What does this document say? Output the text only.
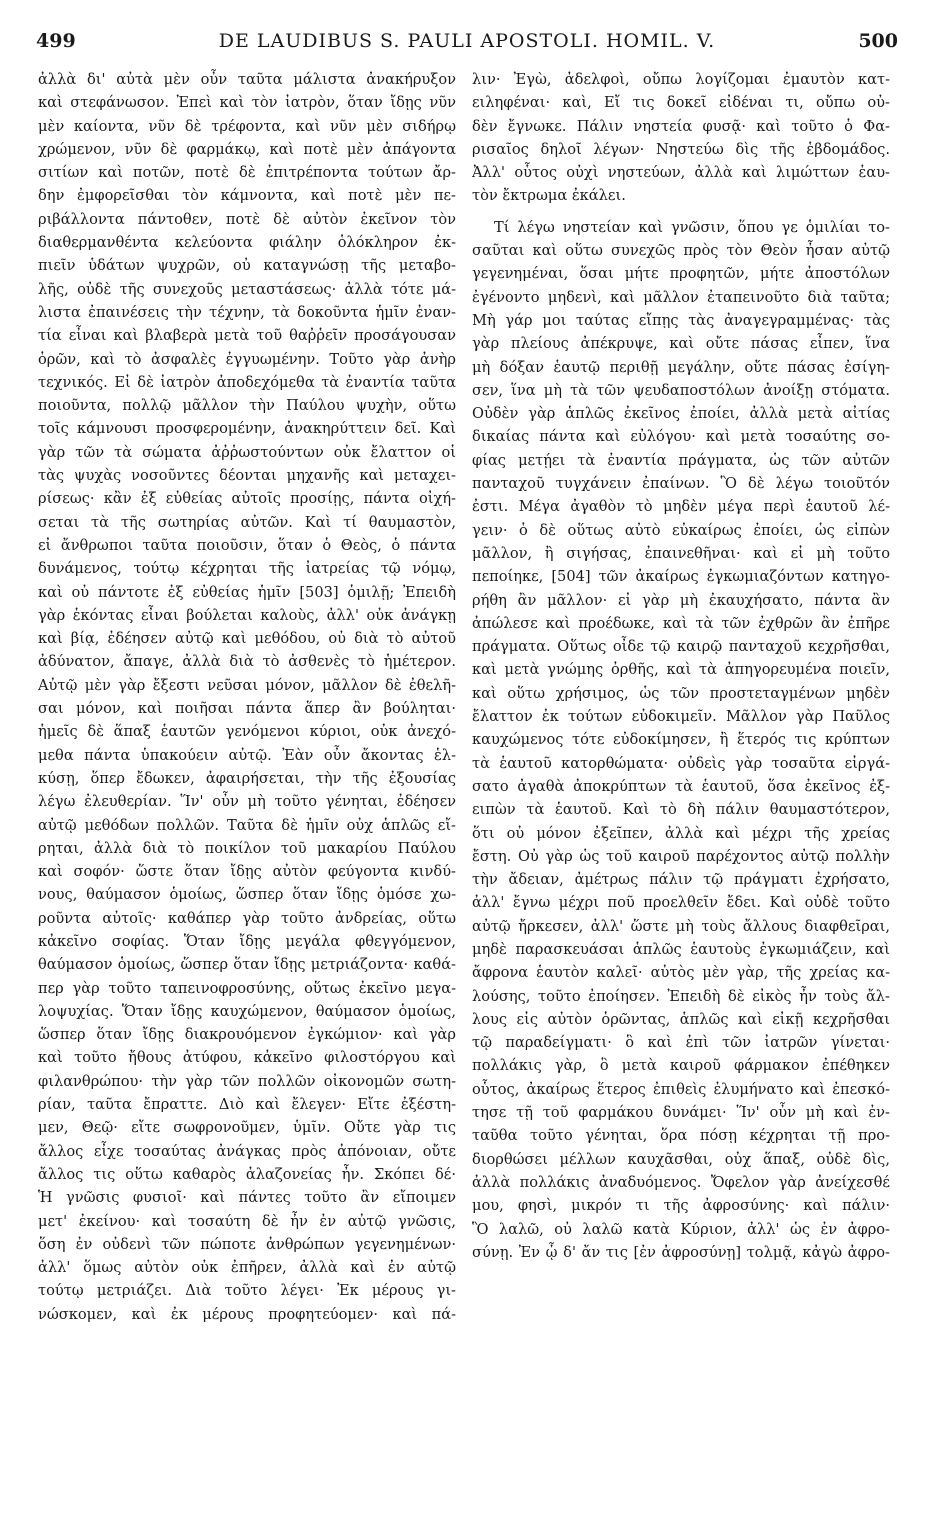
499	DE LAUDIBUS S. PAULI APOSTOLI. HOMIL. V.	500
ἀλλὰ δι' αὐτὰ μὲν οὖν ταῦτα μάλιστα ἀνακήρυξον
καὶ στεφάνωσον. Ἐπεὶ καὶ τὸν ἰατρὸν, ὅταν ἴδῃς νῦν
μὲν καίοντα, νῦν δὲ τρέφοντα, καὶ νῦν μὲν σιδήρῳ
χρώμενον, νῦν δὲ φαρμάκῳ, καὶ ποτὲ μὲν ἀπάγοντα
σιτίων καὶ ποτῶν, ποτὲ δὲ ἐπιτρέποντα τούτων ἄρ-
δην ἐμφορεῖσθαι τὸν κάμνοντα, καὶ ποτὲ μὲν πε-
ριβάλλοντα πάντοθεν, ποτὲ δὲ αὐτὸν ἐκεῖνον τὸν
διαθερμανθέντα κελεύοντα φιάλην ὁλόκληρον ἐκ-
πιεῖν ὑδάτων ψυχρῶν, οὐ καταγνώσῃ τῆς μεταβο-
λῆς, οὐδὲ τῆς συνεχοῦς μεταστάσεως· ἀλλὰ τότε μά-
λιστα ἐπαινέσεις τὴν τέχνην, τὰ δοκοῦντα ἡμῖν ἐναν-
τία εἶναι καὶ βλαβερὰ μετὰ τοῦ θαῤῥεῖν προσάγουσαν
ὁρῶν, καὶ τὸ ἀσφαλὲς ἐγγυωμένην. Τοῦτο γὰρ ἀνὴρ
τεχνικός. Εἰ δὲ ἰατρὸν ἀποδεχόμεθα τὰ ἐναντία ταῦτα
ποιοῦντα, πολλῷ μᾶλλον τὴν Παύλου ψυχὴν, οὕτω
τοῖς κάμνουσι προσφερομένην, ἀνακηρύττειν δεῖ. Καὶ
γὰρ τῶν τὰ σώματα ἀῤῥωστούντων οὐκ ἔλαττον οἱ
τὰς ψυχὰς νοσοῦντες δέονται μηχανῆς καὶ μεταχει-
ρίσεως· κἂν ἐξ εὐθείας αὐτοῖς προσίῃς, πάντα οἰχή-
σεται τὰ τῆς σωτηρίας αὐτῶν. Καὶ τί θαυμαστὸν,
εἰ ἄνθρωποι ταῦτα ποιοῦσιν, ὅταν ὁ Θεὸς, ὁ πάντα
δυνάμενος, τούτῳ κέχρηται τῆς ἰατρείας τῷ νόμῳ,
καὶ οὐ πάντοτε ἐξ εὐθείας ἡμῖν [503] ὁμιλῇ; Ἐπειδὴ
γὰρ ἑκόντας εἶναι βούλεται καλοὺς, ἀλλ' οὐκ ἀνάγκῃ
καὶ βίᾳ, ἐδέησεν αὐτῷ καὶ μεθόδου, οὐ διὰ τὸ αὐτοῦ
ἀδύνατον, ἄπαγε, ἀλλὰ διὰ τὸ ἀσθενὲς τὸ ἡμέτερον.
Αὐτῷ μὲν γὰρ ἔξεστι νεῦσαι μόνον, μᾶλλον δὲ ἐθελῆ-
σαι μόνον, καὶ ποιῆσαι πάντα ἅπερ ἂν βούληται·
ἡμεῖς δὲ ἅπαξ ἑαυτῶν γενόμενοι κύριοι, οὐκ ἀνεχό-
μεθα πάντα ὑπακούειν αὐτῷ. Ἐὰν οὖν ἄκοντας ἑλ-
κύσῃ, ὅπερ ἔδωκεν, ἀφαιρήσεται, τὴν τῆς ἐξουσίας
λέγω ἐλευθερίαν. Ἵν' οὖν μὴ τοῦτο γένηται, ἐδέησεν
αὐτῷ μεθόδων πολλῶν. Ταῦτα δὲ ἡμῖν οὐχ ἁπλῶς εἴ-
ρηται, ἀλλὰ διὰ τὸ ποικίλον τοῦ μακαρίου Παύλου
καὶ σοφόν· ὥστε ὅταν ἴδῃς αὐτὸν φεύγοντα κινδύ-
νους, θαύμασον ὁμοίως, ὥσπερ ὅταν ἴδῃς ὁμόσε χω-
ροῦντα αὐτοῖς· καθάπερ γὰρ τοῦτο ἀνδρείας, οὕτω
κἀκεῖνο σοφίας. Ὅταν ἴδῃς μεγάλα φθεγγόμενον,
θαύμασον ὁμοίως, ὥσπερ ὅταν ἴδῃς μετριάζοντα· καθά-
περ γὰρ τοῦτο ταπεινοφροσύνης, οὕτως ἐκεῖνο μεγα-
λοψυχίας. Ὅταν ἴδῃς καυχώμενον, θαύμασον ὁμοίως,
ὥσπερ ὅταν ἴδῃς διακρουόμενον ἐγκώμιον· καὶ γὰρ
καὶ τοῦτο ἤθους ἀτύφου, κἀκεῖνο φιλοστόργου καὶ
φιλανθρώπου· τὴν γὰρ τῶν πολλῶν οἰκονομῶν σωτη-
ρίαν, ταῦτα ἔπραττε. Διὸ καὶ ἔλεγεν· Εἴτε ἐξέστη-
μεν, Θεῷ· εἴτε σωφρονοῦμεν, ὑμῖν. Οὔτε γὰρ τις
ἄλλος εἶχε τοσαύτας ἀνάγκας πρὸς ἀπόνοιαν, οὔτε
ἄλλος τις οὕτω καθαρὸς ἀλαζονείας ἦν. Σκόπει δέ·
Ἡ γνῶσις φυσιοῖ· καὶ πάντες τοῦτο ἂν εἴποιμεν
μετ' ἐκείνου· καὶ τοσαύτη δὲ ἦν ἐν αὐτῷ γνῶσις,
ὅση ἐν οὐδενὶ τῶν πώποτε ἀνθρώπων γεγενημένων·
ἀλλ' ὅμως αὐτὸν οὐκ ἐπῆρεν, ἀλλὰ καὶ ἐν αὐτῷ
τούτῳ μετριάζει. Διὰ τοῦτο λέγει· Ἐκ μέρους γι-
νώσκομεν, καὶ ἐκ μέρους προφητεύομεν· καὶ πά-
λιν· Ἐγὼ, ἀδελφοὶ, οὔπω λογίζομαι ἐμαυτὸν κατ-
ειληφέναι· καὶ, Εἴ τις δοκεῖ εἰδέναι τι, οὔπω οὐ-
δὲν ἔγνωκε. Πάλιν νηστεία φυσᾷ· καὶ τοῦτο ὁ Φα-
ρισαῖος δηλοῖ λέγων· Νηστεύω δὶς τῆς ἑβδομάδος.
Ἀλλ' οὗτος οὐχὶ νηστεύων, ἀλλὰ καὶ λιμώττων ἑαυ-
τὸν ἔκτρωμα ἐκάλει.
Τί λέγω νηστείαν καὶ γνῶσιν, ὅπου γε ὁμιλίαι το-
σαῦται καὶ οὕτω συνεχῶς πρὸς τὸν Θεὸν ἦσαν αὐτῷ
γεγενημέναι, ὅσαι μήτε προφητῶν, μήτε ἀποστόλων
ἐγένοντο μηδενὶ, καὶ μᾶλλον ἐταπεινοῦτο διὰ ταῦτα;
Μὴ γάρ μοι ταύτας εἴπῃς τὰς ἀναγεγραμμένας· τὰς
γὰρ πλείους ἀπέκρυψε, καὶ οὔτε πάσας εἶπεν, ἵνα
μὴ δόξαν ἑαυτῷ περιθῇ μεγάλην, οὔτε πάσας ἐσίγη-
σεν, ἵνα μὴ τὰ τῶν ψευδαποστόλων ἀνοίξῃ στόματα.
Οὐδὲν γὰρ ἁπλῶς ἐκεῖνος ἐποίει, ἀλλὰ μετὰ αἰτίας
δικαίας πάντα καὶ εὐλόγου· καὶ μετὰ τοσαύτης σο-
φίας μετῄει τὰ ἐναντία πράγματα, ὡς τῶν αὐτῶν
πανταχοῦ τυγχάνειν ἐπαίνων. Ὃ δὲ λέγω τοιοῦτόν
ἐστι. Μέγα ἀγαθὸν τὸ μηδὲν μέγα περὶ ἑαυτοῦ λέ-
γειν· ὁ δὲ οὕτως αὐτὸ εὐκαίρως ἐποίει, ὡς εἰπὼν
μᾶλλον, ἢ σιγήσας, ἐπαινεθῆναι· καὶ εἰ μὴ τοῦτο
πεποίηκε, [504] τῶν ἀκαίρως ἐγκωμιαζόντων κατηγο-
ρήθη ἂν μᾶλλον· εἰ γὰρ μὴ ἐκαυχήσατο, πάντα ἂν
ἀπώλεσε καὶ προέδωκε, καὶ τὰ τῶν ἐχθρῶν ἂν ἐπῆρε
πράγματα. Οὕτως οἶδε τῷ καιρῷ πανταχοῦ κεχρῆσθαι,
καὶ μετὰ γνώμης ὀρθῆς, καὶ τὰ ἀπηγορευμένα ποιεῖν,
καὶ οὕτω χρήσιμος, ὡς τῶν προστεταγμένων μηδὲν
ἔλαττον ἐκ τούτων εὐδοκιμεῖν. Μᾶλλον γὰρ Παῦλος
καυχώμενος τότε εὐδοκίμησεν, ἢ ἕτερός τις κρύπτων
τὰ ἑαυτοῦ κατορθώματα· οὐδεὶς γὰρ τοσαῦτα εἰργά-
σατο ἀγαθὰ ἀποκρύπτων τὰ ἑαυτοῦ, ὅσα ἐκεῖνος ἐξ-
ειπὼν τὰ ἑαυτοῦ. Καὶ τὸ δὴ πάλιν θαυμαστότερον,
ὅτι οὐ μόνον ἐξεῖπεν, ἀλλὰ καὶ μέχρι τῆς χρείας
ἔστη. Οὐ γὰρ ὡς τοῦ καιροῦ παρέχοντος αὐτῷ πολλὴν
τὴν ἄδειαν, ἀμέτρως πάλιν τῷ πράγματι ἐχρήσατο,
ἀλλ' ἔγνω μέχρι ποῦ προελθεῖν ἔδει. Καὶ οὐδὲ τοῦτο
αὐτῷ ἤρκεσεν, ἀλλ' ὥστε μὴ τοὺς ἄλλους διαφθεῖραι,
μηδὲ παρασκευάσαι ἁπλῶς ἑαυτοὺς ἐγκωμιάζειν, καὶ
ἄφρονα ἑαυτὸν καλεῖ· αὐτὸς μὲν γὰρ, τῆς χρείας κα-
λούσης, τοῦτο ἐποίησεν. Ἐπειδὴ δὲ εἰκὸς ἦν τοὺς ἄλ-
λους εἰς αὐτὸν ὁρῶντας, ἁπλῶς καὶ εἰκῇ κεχρῆσθαι
τῷ παραδείγματι· ὃ καὶ ἐπὶ τῶν ἰατρῶν γίνεται·
πολλάκις γὰρ, ὃ μετὰ καιροῦ φάρμακον ἐπέθηκεν
οὗτος, ἀκαίρως ἕτερος ἐπιθεὶς ἐλυμήνατο καὶ ἐπεσκό-
τησε τῇ τοῦ φαρμάκου δυνάμει· Ἵν' οὖν μὴ καὶ ἐν-
ταῦθα τοῦτο γένηται, ὅρα πόσῃ κέχρηται τῇ προ-
διορθώσει μέλλων καυχᾶσθαι, οὐχ ἅπαξ, οὐδὲ δὶς,
ἀλλὰ πολλάκις ἀναδυόμενος. Ὄφελον γὰρ ἀνείχεσθέ
μου, φησὶ, μικρόν τι τῆς ἀφροσύνης· καὶ πάλιν·
Ὃ λαλῶ, οὐ λαλῶ κατὰ Κύριον, ἀλλ' ὡς ἐν ἀφρο-
σύνῃ. Ἐν ᾧ δ' ἄν τις [ἐν ἀφροσύνῃ] τολμᾷ, κἀγὼ ἀφρο-
